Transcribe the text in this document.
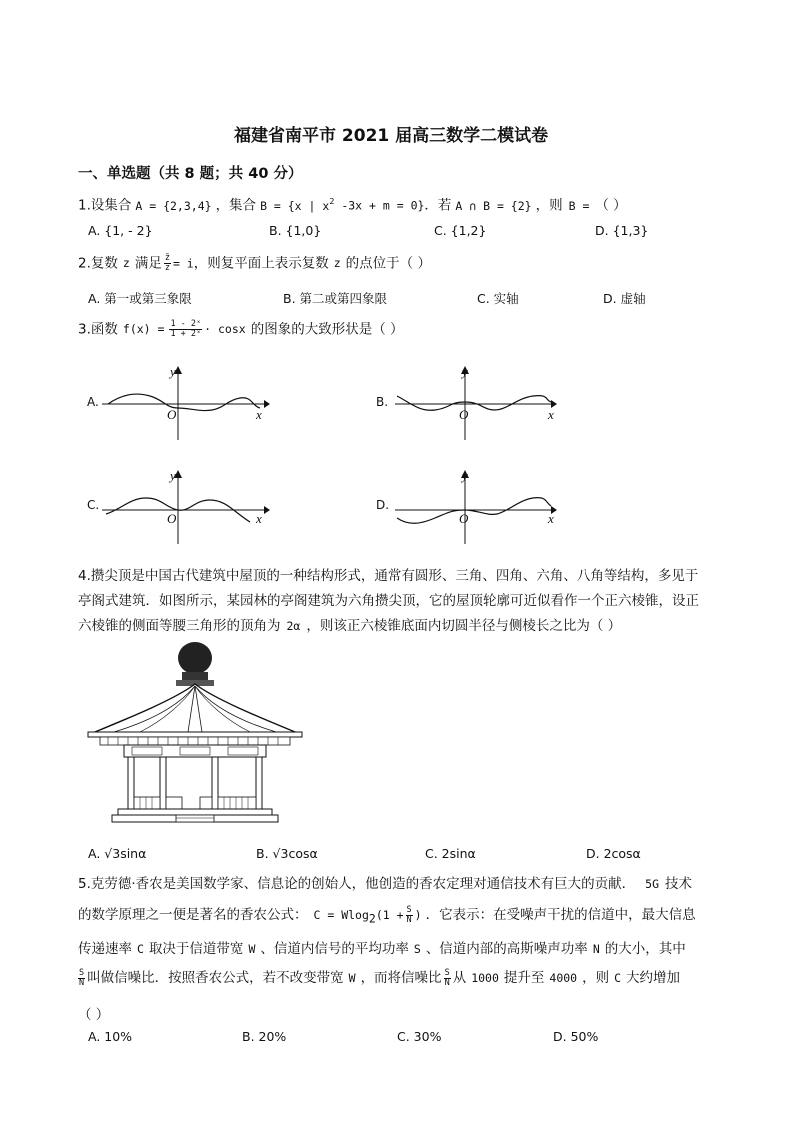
福建省南平市 2021 届高三数学二模试卷
一、单选题（共 8 题；共 40 分）
1.设集合 A = {2,3,4} ，集合 B = {x | $x^2$ -3x + m = 0}．若 A ∩ B = {2} ，则 B = （ ）
A. {1, - 2}	B. {1,0}	C. {1,2}	D. {1,3}
2.复数 z 满足 $\frac{z̄}{z} = i$，则复平面上表示复数 z 的点位于（ ）
A. 第一或第三象限	B. 第二或第四象限	C. 实轴	D. 虚轴
3.函数 $f(x) = \frac{\text{1 - 2ˣ}}{\text{1 + 2ˣ}} \cdot \cos x$ 的图象的大致形状是（ ）
A.
y
O	x
B.
y
O	x
C.
y
O	x
D.
y
O	x
4.攒尖顶是中国古代建筑中屋顶的一种结构形式，通常有圆形、三角、四角、六角、八角等结构，多见于
亭阁式建筑．如图所示，某园林的亭阁建筑为六角攒尖顶，它的屋顶轮廓可近似看作一个正六棱锥，设正
六棱锥的侧面等腰三角形的顶角为 2α ，则该正六棱锥底面内切圆半径与侧棱长之比为（ ）
A. √3sinα	B. √3cosα	C. 2sinα	D. 2cosα
5.克劳德·香农是美国数学家、信息论的创始人，他创造的香农定理对通信技术有巨大的贡献． 5G 技术
的数学原理之一便是著名的香农公式： $C = Wlog_2(1 + \frac{S}{N}$ ) ．它表示：在受噪声干扰的信道中，最大信息
传递速率 C 取决于信道带宽 W 、信道内信号的平均功率 S 、信道内部的高斯噪声功率 N 的大小，其中
$\frac{S}{N}$ 叫做信噪比．按照香农公式，若不改变带宽 W ，而将信噪比 $\frac{S}{N}$ 从 1000 提升至 4000 ，则 C 大约增加
（ ）
A. 10%	B. 20%	C. 30%	D. 50%
